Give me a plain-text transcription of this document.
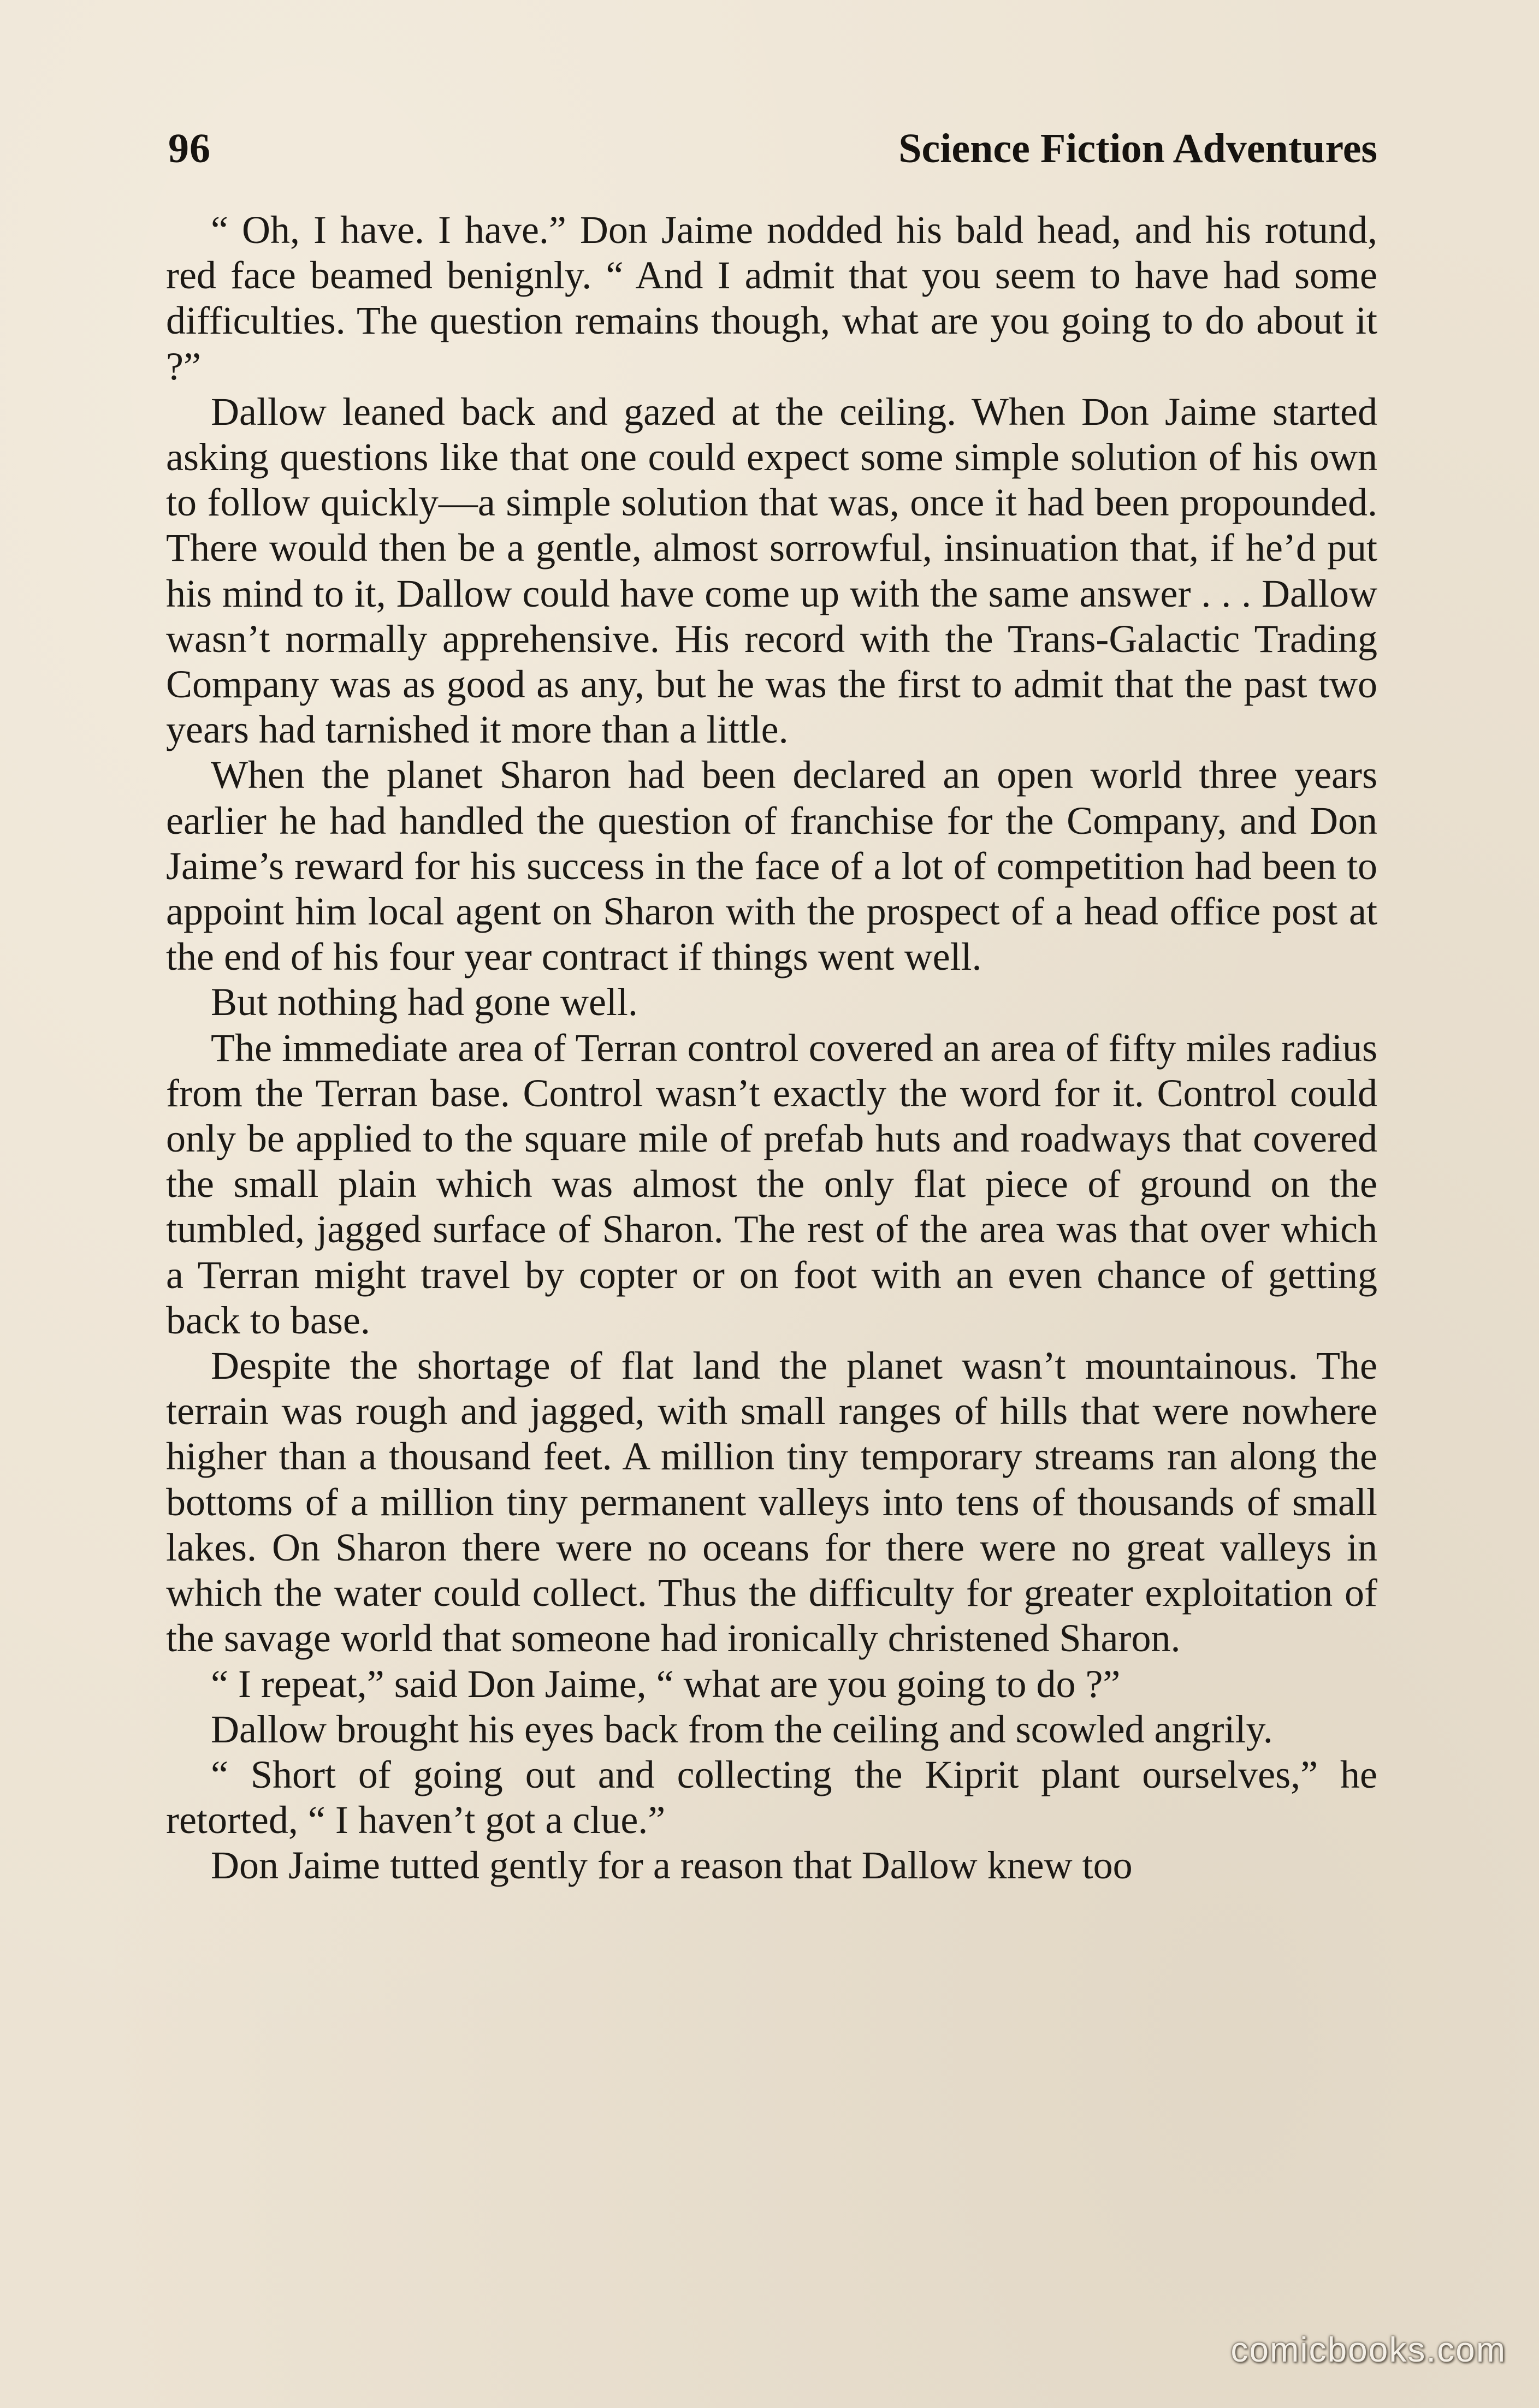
96	Science Fiction Adventures

“ Oh, I have. I have.” Don Jaime nodded his bald head, and his rotund, red face beamed benignly. “ And I admit that you seem to have had some difficulties. The question remains though, what are you going to do about it ?”

Dallow leaned back and gazed at the ceiling. When Don Jaime started asking questions like that one could expect some simple solution of his own to follow quickly—a simple solution that was, once it had been propounded. There would then be a gentle, almost sorrowful, insinuation that, if he’d put his mind to it, Dallow could have come up with the same answer . . . Dallow wasn’t normally apprehensive. His record with the Trans-Galactic Trading Company was as good as any, but he was the first to admit that the past two years had tarnished it more than a little.

When the planet Sharon had been declared an open world three years earlier he had handled the question of franchise for the Company, and Don Jaime’s reward for his success in the face of a lot of competition had been to appoint him local agent on Sharon with the prospect of a head office post at the end of his four year contract if things went well.

But nothing had gone well.

The immediate area of Terran control covered an area of fifty miles radius from the Terran base. Control wasn’t exactly the word for it. Control could only be applied to the square mile of prefab huts and roadways that covered the small plain which was almost the only flat piece of ground on the tumbled, jagged surface of Sharon. The rest of the area was that over which a Terran might travel by copter or on foot with an even chance of getting back to base.

Despite the shortage of flat land the planet wasn’t mountainous. The terrain was rough and jagged, with small ranges of hills that were nowhere higher than a thousand feet. A million tiny temporary streams ran along the bottoms of a million tiny permanent valleys into tens of thousands of small lakes. On Sharon there were no oceans for there were no great valleys in which the water could collect. Thus the difficulty for greater exploitation of the savage world that someone had ironically christened Sharon.

“ I repeat,” said Don Jaime, “ what are you going to do ?”

Dallow brought his eyes back from the ceiling and scowled angrily.

“ Short of going out and collecting the Kiprit plant ourselves,” he retorted, “ I haven’t got a clue.”

Don Jaime tutted gently for a reason that Dallow knew too

comicbooks.com
